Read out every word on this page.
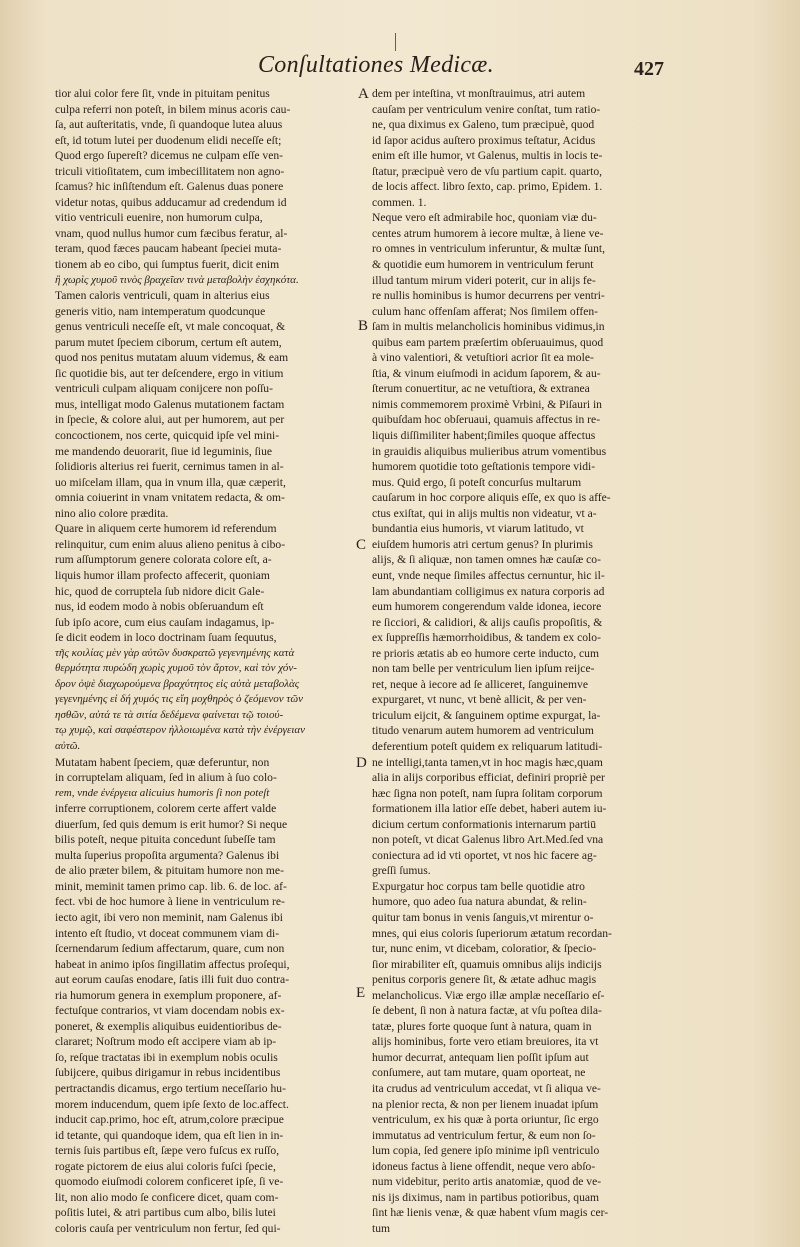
Conſultationes Medicæ.	427
tior alui color fere ſit, vnde in pituitam penitus
culpa referri non poteſt, in bilem minus acoris cau-
ſa, aut auſteritatis, vnde, ſi quandoque lutea aluus
eſt, id totum lutei per duodenum elidi neceſſe eſt;
Quod ergo ſupereſt? dicemus ne culpam eſſe ven-
triculi vitioſitatem, cum imbecillitatem non agno-
ſcamus? hic inſiſtendum eſt. Galenus duas ponere
videtur notas, quibus adducamur ad credendum id
vitio ventriculi euenire, non humorum culpa,
vnam, quod nullus humor cum fæcibus feratur, al-
teram, quod fæces paucam habeant ſpeciei muta-
tionem ab eo cibo, qui ſumptus fuerit, dicit enim
ἢ χωρὶς χυμοῦ τινὸς βραχεῖαν τινὰ μεταβολὴν ἐσχηκότα.
Tamen caloris ventriculi, quam in alterius eius
generis vitio, nam intemperatum quodcunque
genus ventriculi neceſſe eſt, vt male concoquat, &
parum mutet ſpeciem ciborum, certum eſt autem,
quod nos penitus mutatam aluum videmus, & eam
ſic quotidie bis, aut ter deſcendere, ergo in vitium
ventriculi culpam aliquam conijcere non poſſu-
mus, intelligat modo Galenus mutationem factam
in ſpecie, & colore alui, aut per humorem, aut per
concoctionem, nos certe, quicquid ipſe vel mini-
me mandendo deuorarit, ſiue id leguminis, ſiue
ſolidioris alterius rei fuerit, cernimus tamen in al-
uo miſcelam illam, qua in vnum illa, quæ cæperit,
omnia coiuerint in vnam vnitatem redacta, & om-
nino alio colore prædita.
Quare in aliquem certe humorem id referendum
relinquitur, cum enim aluus alieno penitus à cibo-
rum aſſumptorum genere colorata colore eſt, a-
liquis humor illam profecto affecerit, quoniam
hic, quod de corruptela ſub nidore dicit Gale-
nus, id eodem modo à nobis obſeruandum eſt
ſub ipſo acore, cum eius cauſam indagamus, ip-
ſe dicit eodem in loco doctrinam ſuam ſequutus,
τῆς κοιλίας μὲν γὰρ αὐτῶν δυσκρατῶ γεγενημένης κατὰ
θερμότητα πυρώδη χωρὶς χυμοῦ τὸν ἄρτον, καὶ τὸν χόν-
δρον ὀψὲ διαχωρούμενα βραχύτητος εἰς αὐτὰ μεταβολὰς
γεγενημένης εἰ δή χυμός τις εἴη μοχθηρὸς ὁ ζεόμενον τῶν
ησθῶν, αὐτά τε τὰ σιτία δεδέμενα φαίνεται τῷ τοιού-
τῳ χυμῷ, καὶ σαφέστερον ἠλλοιωμένα κατὰ τὴν ἐνέργειαν
αὐτῶ.
Mutatam habent ſpeciem, quæ deferuntur, non
in corruptelam aliquam, ſed in alium à ſuo colo-
rem, vnde ἐνέργεια alicuius humoris ſi non poteſt
inferre corruptionem, colorem certe affert valde
diuerſum, ſed quis demum is erit humor? Si neque
bilis poteſt, neque pituita concedunt ſubeſſe tam
multa ſuperius propoſita argumenta? Galenus ibi
de alio præter bilem, & pituitam humore non me-
minit, meminit tamen primo cap. lib. 6. de loc. af-
fect. vbi de hoc humore à liene in ventriculum re-
iecto agit, ibi vero non meminit, nam Galenus ibi
intento eſt ſtudio, vt doceat communem viam di-
ſcernendarum ſedium affectarum, quare, cum non
habeat in animo ipſos ſingillatim affectus proſequi,
aut eorum cauſas enodare, ſatis illi fuit duo contra-
ria humorum genera in exemplum proponere, af-
fectuſque contrarios, vt viam docendam nobis ex-
poneret, & exemplis aliquibus euidentioribus de-
clararet; Noſtrum modo eſt accipere viam ab ip-
ſo, reſque tractatas ibi in exemplum nobis oculis
ſubijcere, quibus dirigamur in rebus incidentibus
pertractandis dicamus, ergo tertium neceſſario hu-
morem inducendum, quem ipſe ſexto de loc.affect.
inducit cap.primo, hoc eſt, atrum,colore præcipue
id tetante, qui quandoque idem, qua eſt lien in in-
ternis ſuis partibus eſt, ſæpe vero fuſcus ex ruſſo,
rogate pictorem de eius alui coloris fuſci ſpecie,
quomodo eiuſmodi colorem conficeret ipſe, ſi ve-
lit, non alio modo ſe conficere dicet, quam com-
poſitis lutei, & atri partibus cum albo, bilis lutei
coloris cauſa per ventriculum non fertur, ſed qui-
dem per inteſtina, vt monſtrauimus, atri autem
cauſam per ventriculum venire conſtat, tum ratio-
ne, qua diximus ex Galeno, tum præcipuè, quod
id ſapor acidus auſtero proximus teſtatur, Acidus
enim eſt ille humor, vt Galenus, multis in locis te-
ſtatur, præcipuè vero de vſu partium capit. quarto,
de locis affect. libro ſexto, cap. primo, Epidem. 1.
commen. 1.
Neque vero eſt admirabile hoc, quoniam viæ du-
centes atrum humorem à iecore multæ, à liene ve-
ro omnes in ventriculum inferuntur, & multæ ſunt,
& quotidie eum humorem in ventriculum ferunt
illud tantum mirum videri poterit, cur in alijs fe-
re nullis hominibus is humor decurrens per ventri-
culum hanc offenſam afferat; Nos ſimilem offen-
ſam in multis melancholicis hominibus vidimus,in
quibus eam partem præſertim obſeruauimus, quod
à vino valentiori, & vetuſtiori acrior ſit ea mole-
ſtia, & vinum eiuſmodi in acidum ſaporem, & au-
ſterum conuertitur, ac ne vetuſtiora, & extranea
nimis commemorem proximè Vrbini, & Piſauri in
quibuſdam hoc obſeruaui, quamuis affectus in re-
liquis diſſimiliter habent;ſimiles quoque affectus
in grauidis aliquibus mulieribus atrum vomentibus
humorem quotidie toto geſtationis tempore vidi-
mus. Quid ergo, ſi poteſt concurſus multarum
cauſarum in hoc corpore aliquis eſſe, ex quo is affe-
ctus exiſtat, qui in alijs multis non videatur, vt a-
bundantia eius humoris, vt viarum latitudo, vt
eiuſdem humoris atri certum genus? In plurimis
alijs, & ſi aliquæ, non tamen omnes hæ cauſæ co-
eunt, vnde neque ſimiles affectus cernuntur, hic il-
lam abundantiam colligimus ex natura corporis ad
eum humorem congerendum valde idonea, iecore
re ſicciori, & calidiori, & alijs cauſis propoſitis, &
ex ſuppreſſis hæmorrhoidibus, & tandem ex colo-
re prioris ætatis ab eo humore certe inducto, cum
non tam belle per ventriculum lien ipſum reijce-
ret, neque à iecore ad ſe alliceret, ſanguinemve
expurgaret, vt nunc, vt benè allicit, & per ven-
triculum eijcit, & ſanguinem optime expurgat, la-
titudo venarum autem humorem ad ventriculum
deferentium poteſt quidem ex reliquarum latitudi-
ne intelligi,tanta tamen,vt in hoc magis hæc,quam
alia in alijs corporibus efficiat, definiri propriè per
hæc ſigna non poteſt, nam ſupra ſolitam corporum
formationem illa latior eſſe debet, haberi autem iu-
dicium certum conformationis internarum partiū
non poteſt, vt dicat Galenus libro Art.Med.ſed vna
coniectura ad id vti oportet, vt nos hic facere ag-
greſſi ſumus.
Expurgatur hoc corpus tam belle quotidie atro
humore, quo adeo ſua natura abundat, & relin-
quitur tam bonus in venis ſanguis,vt mirentur o-
mnes, qui eius coloris ſuperiorum ætatum recordan-
tur, nunc enim, vt dicebam, coloratior, & ſpecio-
ſior mirabiliter eſt, quamuis omnibus alijs indicijs
penitus corporis genere ſit, & ætate adhuc magis
melancholicus. Viæ ergo illæ amplæ neceſſario eſ-
ſe debent, ſi non à natura factæ, at vſu poſtea dila-
tatæ, plures forte quoque ſunt à natura, quam in
alijs hominibus, forte vero etiam breuiores, ita vt
humor decurrat, antequam lien poſſit ipſum aut
conſumere, aut tam mutare, quam oporteat, ne
ita crudus ad ventriculum accedat, vt ſi aliqua ve-
na plenior recta, & non per lienem inuadat ipſum
ventriculum, ex his quæ à porta oriuntur, ſic ergo
immutatus ad ventriculum fertur, & eum non ſo-
lum copia, ſed genere ipſo minime ipſi ventriculo
idoneus factus à liene offendit, neque vero abſo-
num videbitur, perito artis anatomiæ, quod de ve-
nis ijs diximus, nam in partibus potioribus, quam
ſint hæ lienis venæ, & quæ habent vſum magis cer-
tum
A
B
C
D
E
